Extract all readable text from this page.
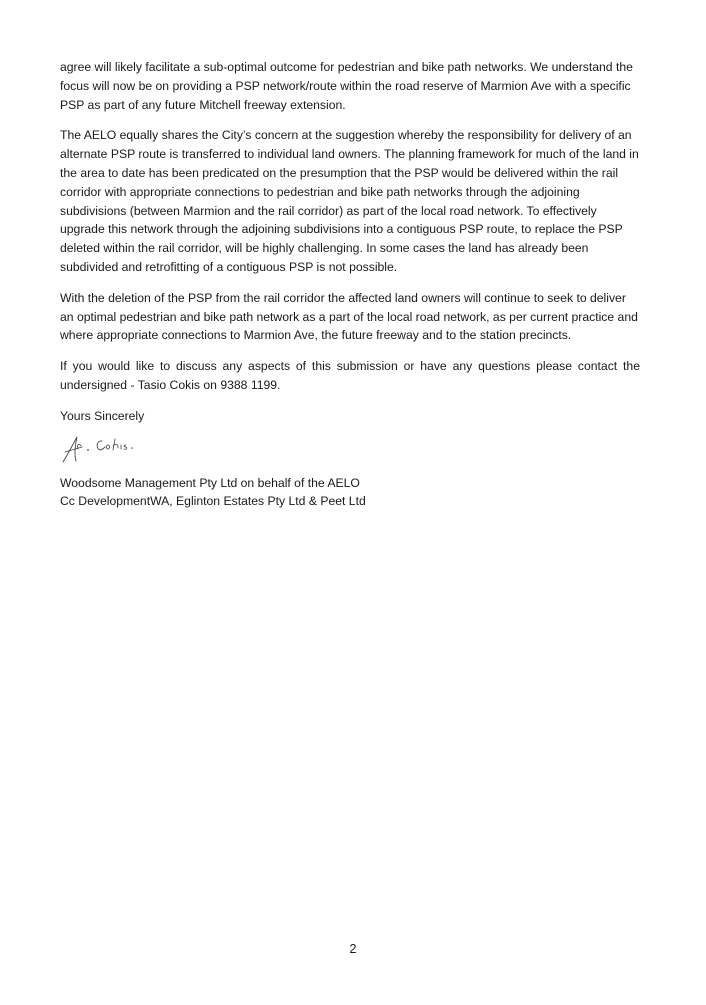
agree will likely facilitate a sub-optimal outcome for pedestrian and bike path networks. We understand the focus will now be on providing a PSP network/route within the road reserve of Marmion Ave with a specific PSP as part of any future Mitchell freeway extension.

The AELO equally shares the City’s concern at the suggestion whereby the responsibility for delivery of an alternate PSP route is transferred to individual land owners. The planning framework for much of the land in the area to date has been predicated on the presumption that the PSP would be delivered within the rail corridor with appropriate connections to pedestrian and bike path networks through the adjoining subdivisions (between Marmion and the rail corridor) as part of the local road network. To effectively upgrade this network through the adjoining subdivisions into a contiguous PSP route, to replace the PSP deleted within the rail corridor, will be highly challenging. In some cases the land has already been subdivided and retrofitting of a contiguous PSP is not possible.

With the deletion of the PSP from the rail corridor the affected land owners will continue to seek to deliver an optimal pedestrian and bike path network as a part of the local road network, as per current practice and where appropriate connections to Marmion Ave, the future freeway and to the station precincts.

If you would like to discuss any aspects of this submission or have any questions please contact the undersigned - Tasio Cokis on 9388 1199.

Yours Sincerely

Woodsome Management Pty Ltd on behalf of the AELO

Cc DevelopmentWA, Eglinton Estates Pty Ltd & Peet Ltd

2
